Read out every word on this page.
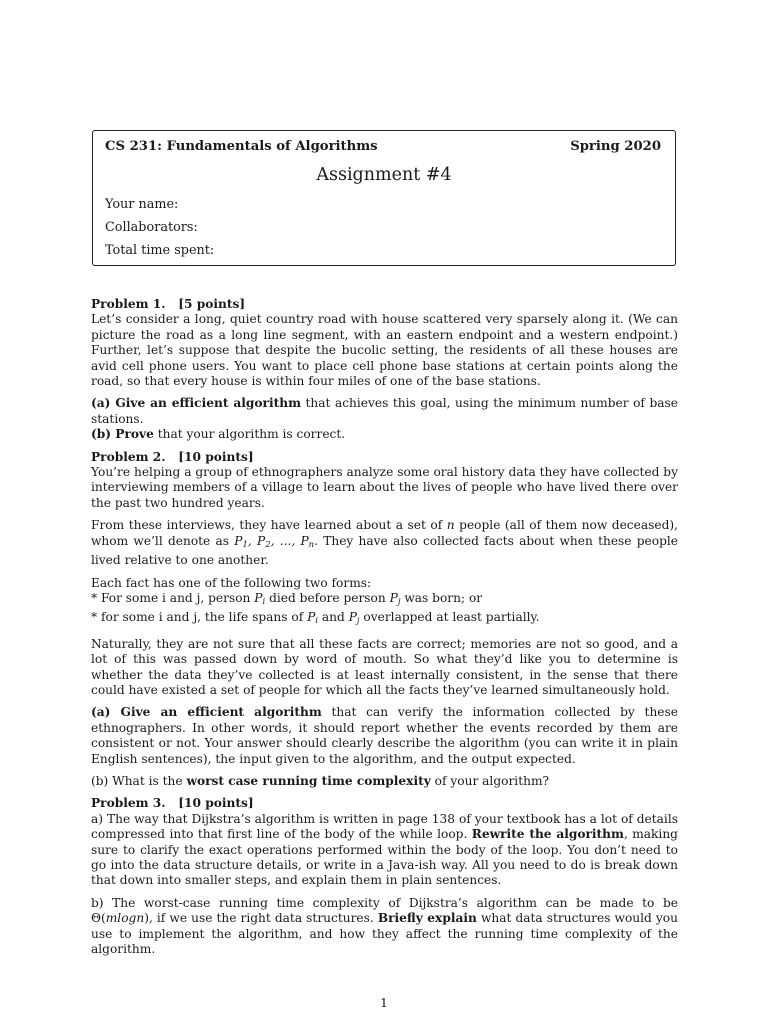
CS 231: Fundamentals of Algorithms	Spring 2020
Assignment #4
Your name:
Collaborators:
Total time spent:
Problem 1. [5 points]

Let’s consider a long, quiet country road with house scattered very sparsely along it. (We can picture the road as a long line segment, with an eastern endpoint and a western endpoint.) Further, let’s suppose that despite the bucolic setting, the residents of all these houses are avid cell phone users. You want to place cell phone base stations at certain points along the road, so that every house is within four miles of one of the base stations.

(a) Give an efficient algorithm that achieves this goal, using the minimum number of base stations.

(b) Prove that your algorithm is correct.

Problem 2. [10 points]

You’re helping a group of ethnographers analyze some oral history data they have collected by interviewing members of a village to learn about the lives of people who have lived there over the past two hundred years.

From these interviews, they have learned about a set of n people (all of them now deceased), whom we’ll denote as $P_1$, $P_2$, ..., $P_n$. They have also collected facts about when these people lived relative to one another.

Each fact has one of the following two forms:
* For some i and j, person $P_i$ died before person $P_j$ was born; or
* for some i and j, the life spans of $P_i$ and $P_j$ overlapped at least partially.

Naturally, they are not sure that all these facts are correct; memories are not so good, and a lot of this was passed down by word of mouth. So what they’d like you to determine is whether the data they’ve collected is at least internally consistent, in the sense that there could have existed a set of people for which all the facts they’ve learned simultaneously hold.

(a) Give an efficient algorithm that can verify the information collected by these ethnographers. In other words, it should report whether the events recorded by them are consistent or not. Your answer should clearly describe the algorithm (you can write it in plain English sentences), the input given to the algorithm, and the output expected.

(b) What is the worst case running time complexity of your algorithm?

Problem 3. [10 points]

a) The way that Dijkstra’s algorithm is written in page 138 of your textbook has a lot of details compressed into that first line of the body of the while loop. Rewrite the algorithm, making sure to clarify the exact operations performed within the body of the loop. You don’t need to go into the data structure details, or write in a Java-ish way. All you need to do is break down that down into smaller steps, and explain them in plain sentences.

b) The worst-case running time complexity of Dijkstra’s algorithm can be made to be Θ(mlogn), if we use the right data structures. Briefly explain what data structures would you use to implement the algorithm, and how they affect the running time complexity of the algorithm.

1
